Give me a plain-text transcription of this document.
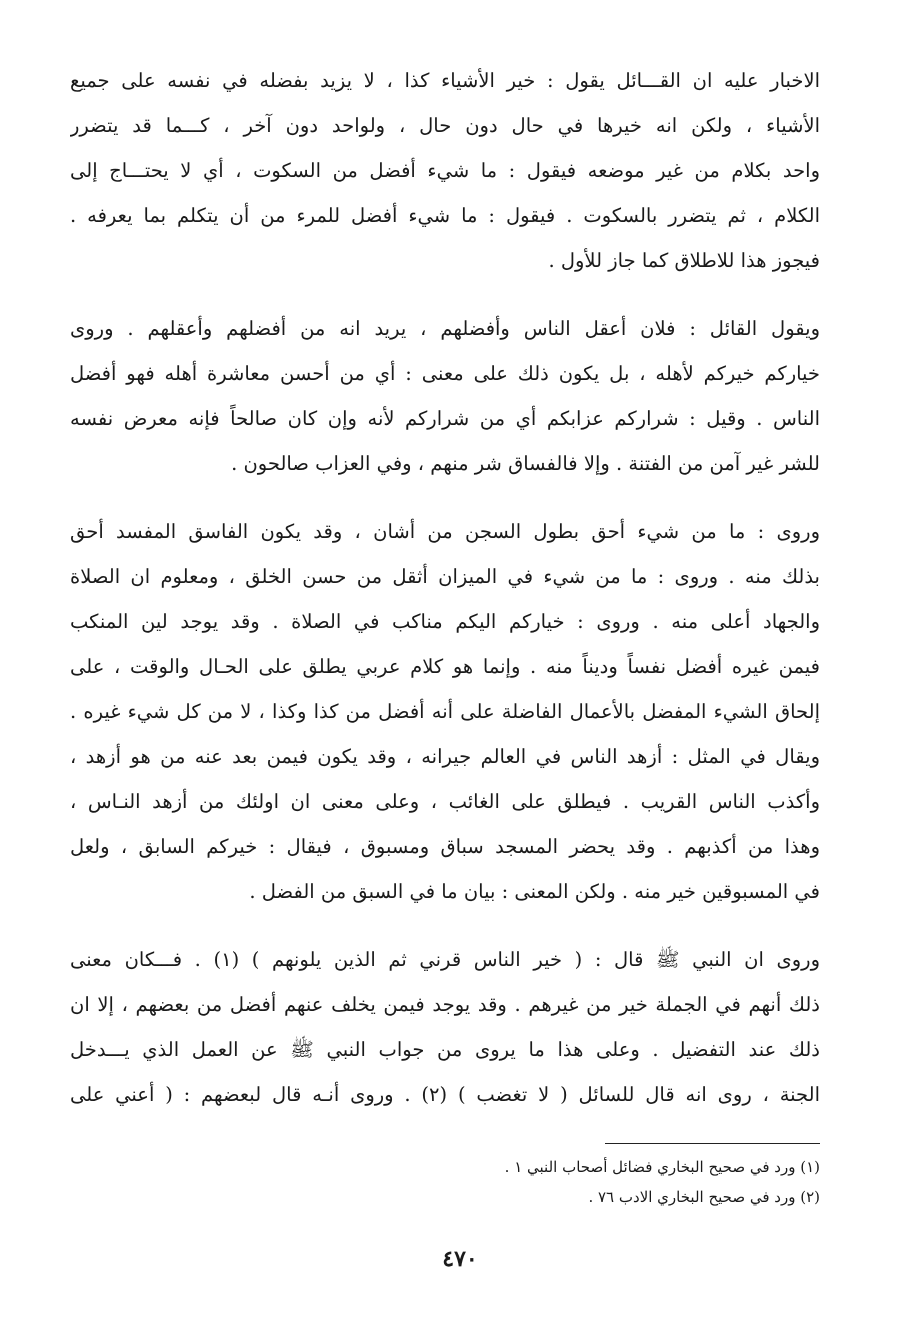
الاخبار عليه ان القـــائل يقول : خير الأشياء كذا ، لا يزيد بفضله في نفسه على جميع
الأشياء ، ولكن انه خيرها في حال دون حال ، ولواحد دون آخر ، كـــما قد يتضرر
واحد بكلام من غير موضعه فيقول : ما شيء أفضل من السكوت ، أي لا يحتـــاج إلى
الكلام ، ثم يتضرر بالسكوت . فيقول : ما شيء أفضل للمرء من أن يتكلم بما يعرفه .
فيجوز هذا للاطلاق كما جاز للأول .
ويقول القائل : فلان أعقل الناس وأفضلهم ، يريد انه من أفضلهم وأعقلهم . وروى
خياركم خيركم لأهله ، بل يكون ذلك على معنى : أي من أحسن معاشرة أهله فهو أفضل
الناس . وقيل : شراركم عزابكم أي من شراركم لأنه وإن كان صالحاً فإنه معرض نفسه
للشر غير آمن من الفتنة . وإلا فالفساق شر منهم ، وفي العزاب صالحون .
وروى : ما من شيء أحق بطول السجن من أشان ، وقد يكون الفاسق المفسد أحق
بذلك منه . وروى : ما من شيء في الميزان أثقل من حسن الخلق ، ومعلوم ان الصلاة
والجهاد أعلى منه . وروى : خياركم اليكم مناكب في الصلاة . وقد يوجد لين المنكب
فيمن غيره أفضل نفساً وديناً منه . وإنما هو كلام عربي يطلق على الحـال والوقت ، على
إلحاق الشيء المفضل بالأعمال الفاضلة على أنه أفضل من كذا وكذا ، لا من كل شيء غيره .
ويقال في المثل : أزهد الناس في العالم جيرانه ، وقد يكون فيمن بعد عنه من هو أزهد ،
وأكذب الناس القريب . فيطلق على الغائب ، وعلى معنى ان اولئك من أزهد النـاس ،
وهذا من أكذبهم . وقد يحضر المسجد سباق ومسبوق ، فيقال : خيركم السابق ، ولعل
في المسبوقين خير منه . ولكن المعنى : بيان ما في السبق من الفضل .
وروى ان النبي ﷺ قال : ( خير الناس قرني ثم الذين يلونهم ) (١) . فـــكان معنى
ذلك أنهم في الجملة خير من غيرهم . وقد يوجد فيمن يخلف عنهم أفضل من بعضهم ، إلا ان
ذلك عند التفضيل . وعلى هذا ما يروى من جواب النبي ﷺ عن العمل الذي يـــدخل
الجنة ، روى انه قال للسائل ( لا تغضب ) (٢) . وروى أنـه قال لبعضهم : ( أعني على
(١) ورد في صحيح البخاري فضائل أصحاب النبي ١ .
(٢) ورد في صحيح البخاري الادب ٧٦ .
٤٧٠
